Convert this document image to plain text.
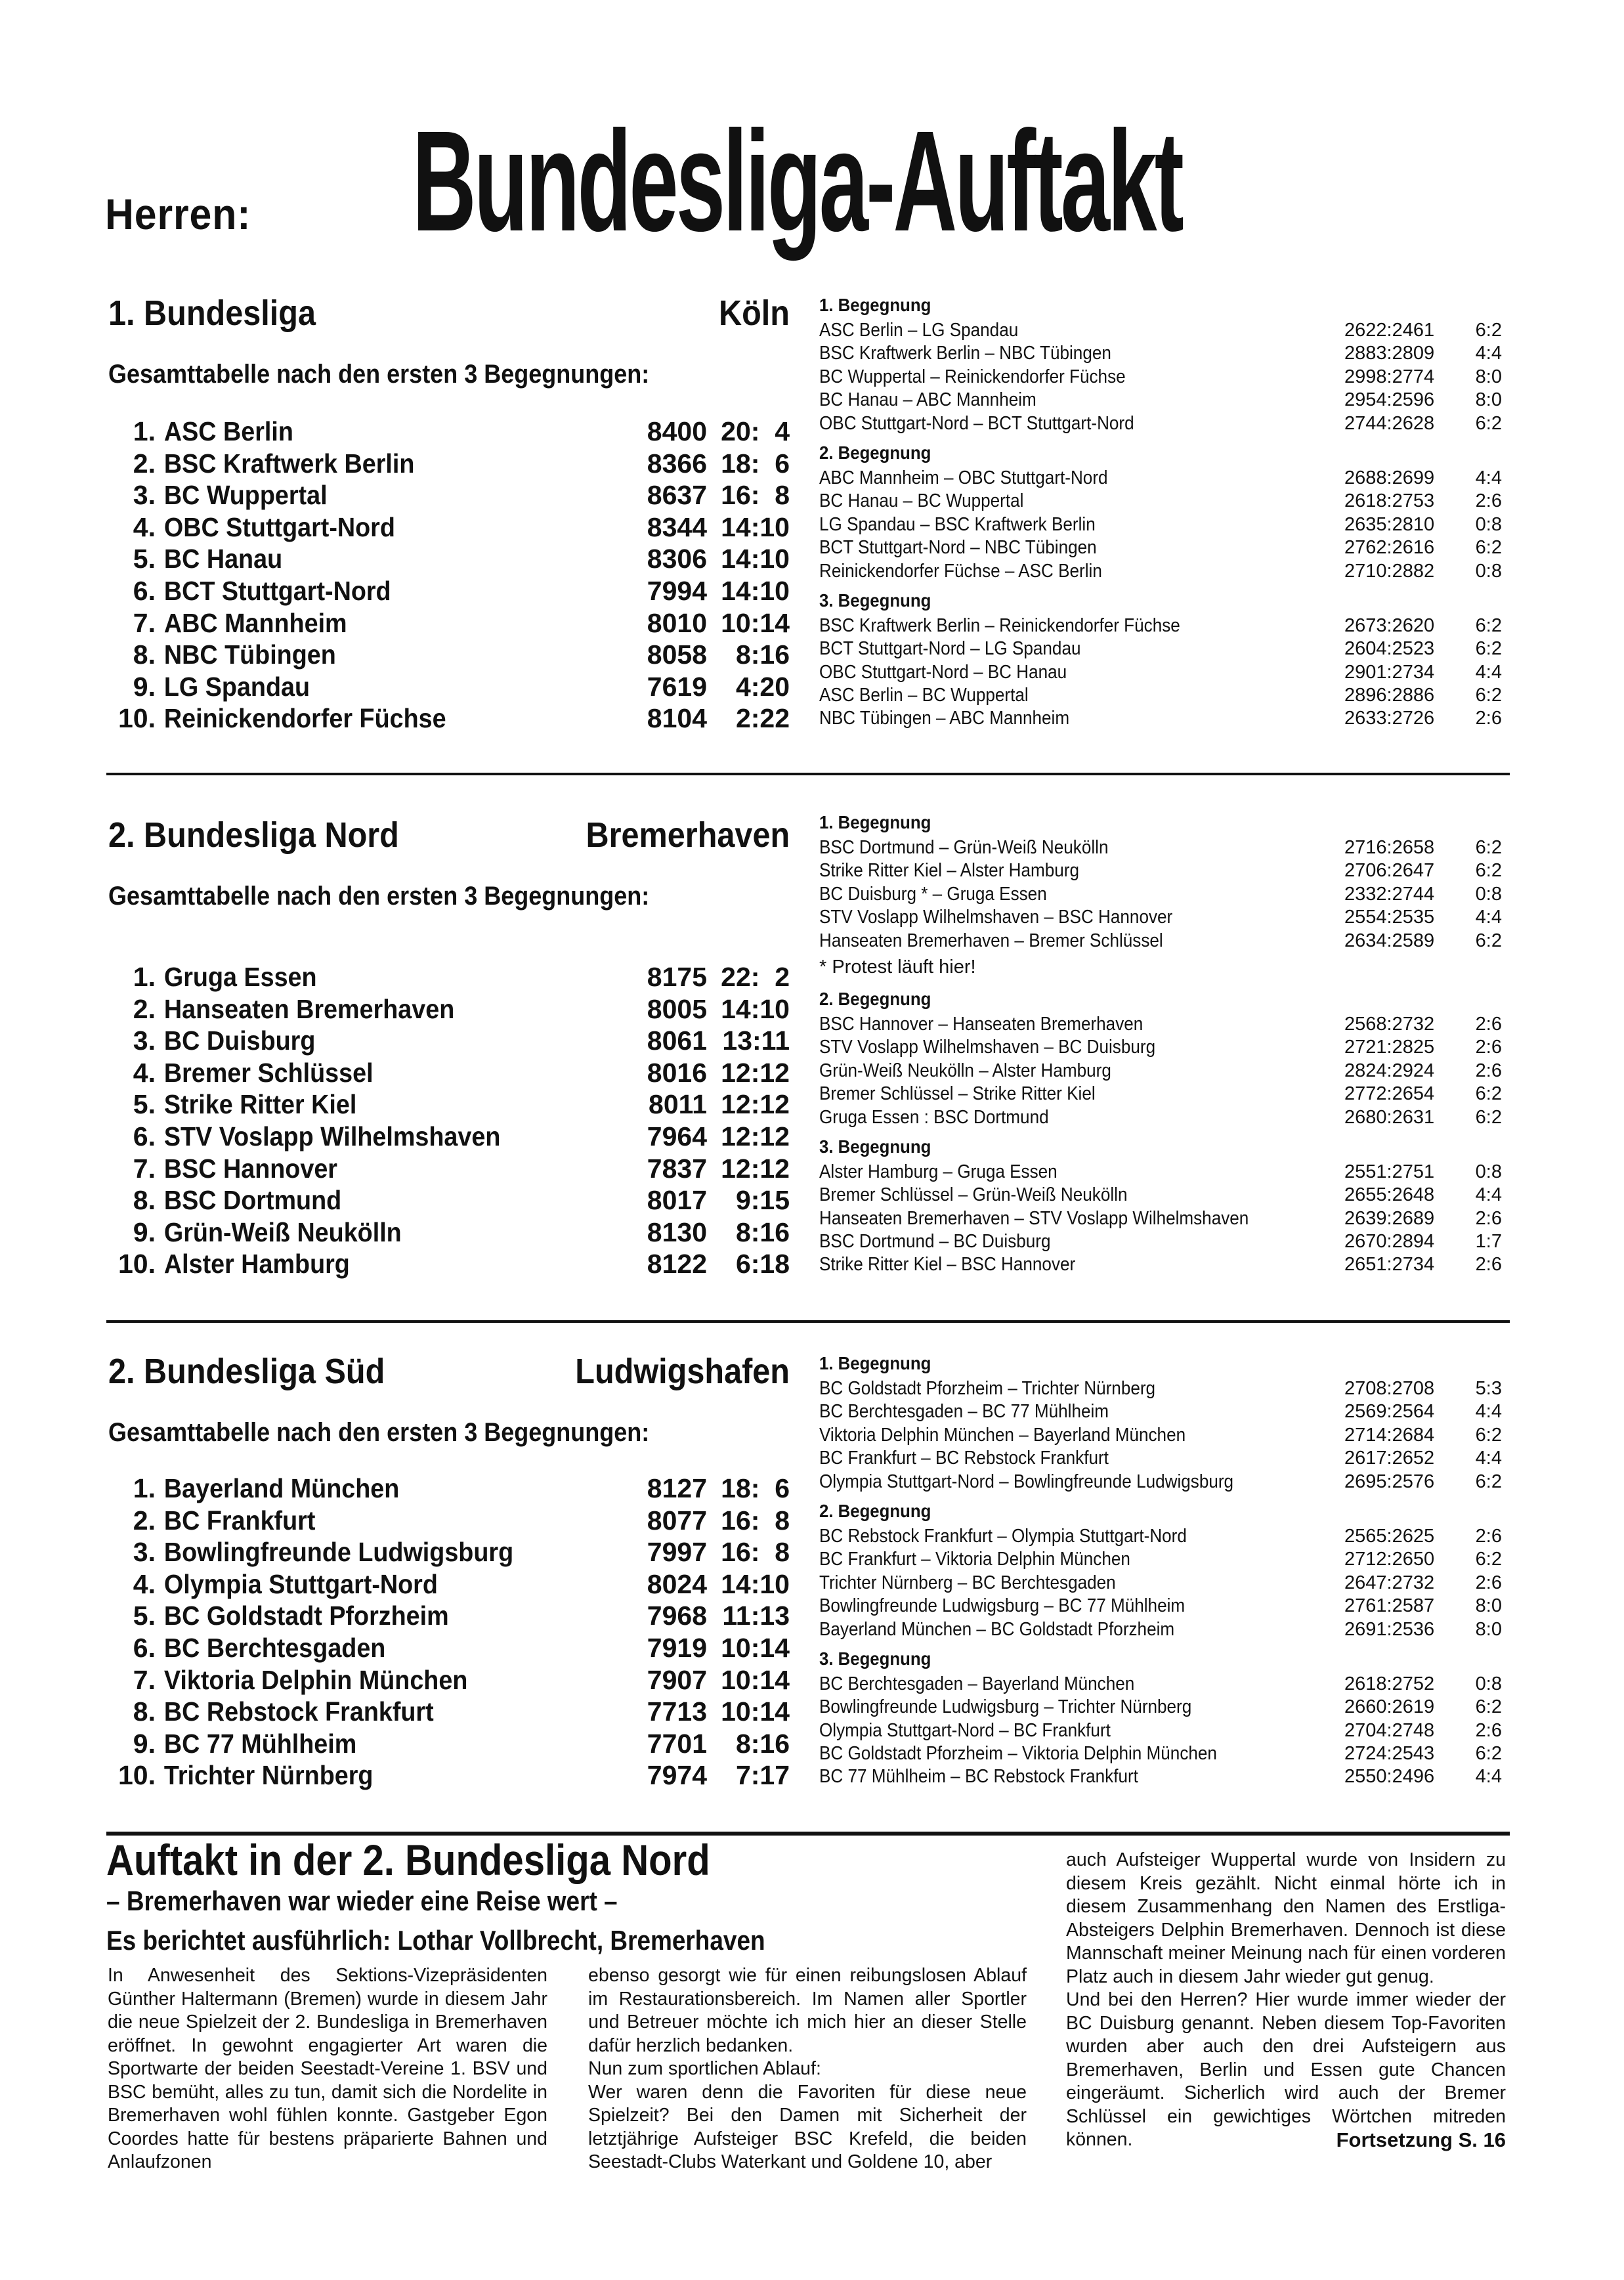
Herren: Bundesliga-Auftakt
1. Bundesliga	Köln
Gesamttabelle nach den ersten 3 Begegnungen:
1. ASC Berlin	8400 20:  4
2. BSC Kraftwerk Berlin	8366 18:  6
3. BC Wuppertal	8637 16:  8
4. OBC Stuttgart-Nord	8344 14:10
5. BC Hanau	8306 14:10
6. BCT Stuttgart-Nord	7994 14:10
7. ABC Mannheim	8010 10:14
8. NBC Tübingen	8058	8:16
9. LG Spandau	7619	4:20
10. Reinickendorfer Füchse	8104	2:22
1. Begegnung
ASC Berlin – LG Spandau	2622:2461	6:2
BSC Kraftwerk Berlin – NBC Tübingen	2883:2809	4:4
BC Wuppertal – Reinickendorfer Füchse	2998:2774	8:0
BC Hanau – ABC Mannheim	2954:2596	8:0
OBC Stuttgart-Nord – BCT Stuttgart-Nord	2744:2628	6:2
2. Begegnung
ABC Mannheim – OBC Stuttgart-Nord	2688:2699	4:4
BC Hanau – BC Wuppertal	2618:2753	2:6
LG Spandau – BSC Kraftwerk Berlin	2635:2810	0:8
BCT Stuttgart-Nord – NBC Tübingen	2762:2616	6:2
Reinickendorfer Füchse – ASC Berlin	2710:2882	0:8
3. Begegnung
BSC Kraftwerk Berlin – Reinickendorfer Füchse	2673:2620	6:2
BCT Stuttgart-Nord – LG Spandau	2604:2523	6:2
OBC Stuttgart-Nord – BC Hanau	2901:2734	4:4
ASC Berlin – BC Wuppertal	2896:2886	6:2
NBC Tübingen – ABC Mannheim	2633:2726	2:6
2. Bundesliga Nord	Bremerhaven
Gesamttabelle nach den ersten 3 Begegnungen:
1. Gruga Essen	8175 22:  2
2. Hanseaten Bremerhaven	8005 14:10
3. BC Duisburg	8061 13:11
4. Bremer Schlüssel	8016 12:12
5. Strike Ritter Kiel	8011 12:12
6. STV Voslapp Wilhelmshaven	7964 12:12
7. BSC Hannover	7837 12:12
8. BSC Dortmund	8017	9:15
9. Grün-Weiß Neukölln	8130	8:16
10. Alster Hamburg	8122	6:18
1. Begegnung
BSC Dortmund – Grün-Weiß Neukölln	2716:2658	6:2
Strike Ritter Kiel – Alster Hamburg	2706:2647	6:2
BC Duisburg * – Gruga Essen	2332:2744	0:8
STV Voslapp Wilhelmshaven – BSC Hannover	2554:2535	4:4
Hanseaten Bremerhaven – Bremer Schlüssel	2634:2589	6:2
* Protest läuft hier!
2. Begegnung
BSC Hannover – Hanseaten Bremerhaven	2568:2732	2:6
STV Voslapp Wilhelmshaven – BC Duisburg	2721:2825	2:6
Grün-Weiß Neukölln – Alster Hamburg	2824:2924	2:6
Bremer Schlüssel – Strike Ritter Kiel	2772:2654	6:2
Gruga Essen : BSC Dortmund	2680:2631	6:2
3. Begegnung
Alster Hamburg – Gruga Essen	2551:2751	0:8
Bremer Schlüssel – Grün-Weiß Neukölln	2655:2648	4:4
Hanseaten Bremerhaven – STV Voslapp Wilhelmshaven	2639:2689	2:6
BSC Dortmund – BC Duisburg	2670:2894	1:7
Strike Ritter Kiel – BSC Hannover	2651:2734	2:6
2. Bundesliga Süd	Ludwigshafen
Gesamttabelle nach den ersten 3 Begegnungen:
1. Bayerland München	8127 18:  6
2. BC Frankfurt	8077 16:  8
3. Bowlingfreunde Ludwigsburg	7997 16:  8
4. Olympia Stuttgart-Nord	8024 14:10
5. BC Goldstadt Pforzheim	7968 11:13
6. BC Berchtesgaden	7919 10:14
7. Viktoria Delphin München	7907 10:14
8. BC Rebstock Frankfurt	7713 10:14
9. BC 77 Mühlheim	7701	8:16
10. Trichter Nürnberg	7974	7:17
1. Begegnung
BC Goldstadt Pforzheim – Trichter Nürnberg	2708:2708	5:3
BC Berchtesgaden – BC 77 Mühlheim	2569:2564	4:4
Viktoria Delphin München – Bayerland München	2714:2684	6:2
BC Frankfurt – BC Rebstock Frankfurt	2617:2652	4:4
Olympia Stuttgart-Nord – Bowlingfreunde Ludwigsburg	2695:2576	6:2
2. Begegnung
BC Rebstock Frankfurt – Olympia Stuttgart-Nord	2565:2625	2:6
BC Frankfurt – Viktoria Delphin München	2712:2650	6:2
Trichter Nürnberg – BC Berchtesgaden	2647:2732	2:6
Bowlingfreunde Ludwigsburg – BC 77 Mühlheim	2761:2587	8:0
Bayerland München – BC Goldstadt Pforzheim	2691:2536	8:0
3. Begegnung
BC Berchtesgaden – Bayerland München	2618:2752	0:8
Bowlingfreunde Ludwigsburg – Trichter Nürnberg	2660:2619	6:2
Olympia Stuttgart-Nord – BC Frankfurt	2704:2748	2:6
BC Goldstadt Pforzheim – Viktoria Delphin München	2724:2543	6:2
BC 77 Mühlheim – BC Rebstock Frankfurt	2550:2496	4:4
Auftakt in der 2. Bundesliga Nord
– Bremerhaven war wieder eine Reise wert –
Es berichtet ausführlich: Lothar Vollbrecht, Bremerhaven

In Anwesenheit des Sektions-Vizepräsidenten Günther Haltermann (Bremen) wurde in diesem Jahr die neue Spielzeit der 2. Bundesliga in Bremerhaven eröffnet. In gewohnt engagierter Art waren die Sportwarte der beiden Seestadt-Vereine 1. BSV und BSC bemüht, alles zu tun, damit sich die Nordelite in Bremerhaven wohl fühlen konnte. Gastgeber Egon Coordes hatte für bestens präparierte Bahnen und Anlaufzonen

ebenso gesorgt wie für einen reibungslosen Ablauf im Restaurationsbereich. Im Namen aller Sportler und Betreuer möchte ich mich hier an dieser Stelle dafür herzlich bedanken.

Nun zum sportlichen Ablauf:

Wer waren denn die Favoriten für diese neue Spielzeit? Bei den Damen mit Sicherheit der letztjährige Aufsteiger BSC Krefeld, die beiden Seestadt-Clubs Waterkant und Goldene 10, aber

auch Aufsteiger Wuppertal wurde von Insidern zu diesem Kreis gezählt. Nicht einmal hörte ich in diesem Zusammenhang den Namen des Erstliga-Absteigers Delphin Bremerhaven. Dennoch ist diese Mannschaft meiner Meinung nach für einen vorderen Platz auch in diesem Jahr wieder gut genug.

Und bei den Herren? Hier wurde immer wieder der BC Duisburg genannt. Neben diesem Top-Favoriten wurden aber auch den drei Aufsteigern aus Bremerhaven, Berlin und Essen gute Chancen eingeräumt. Sicherlich wird auch der Bremer Schlüssel ein gewichtiges Wörtchen mitreden können.	Fortsetzung S. 16
